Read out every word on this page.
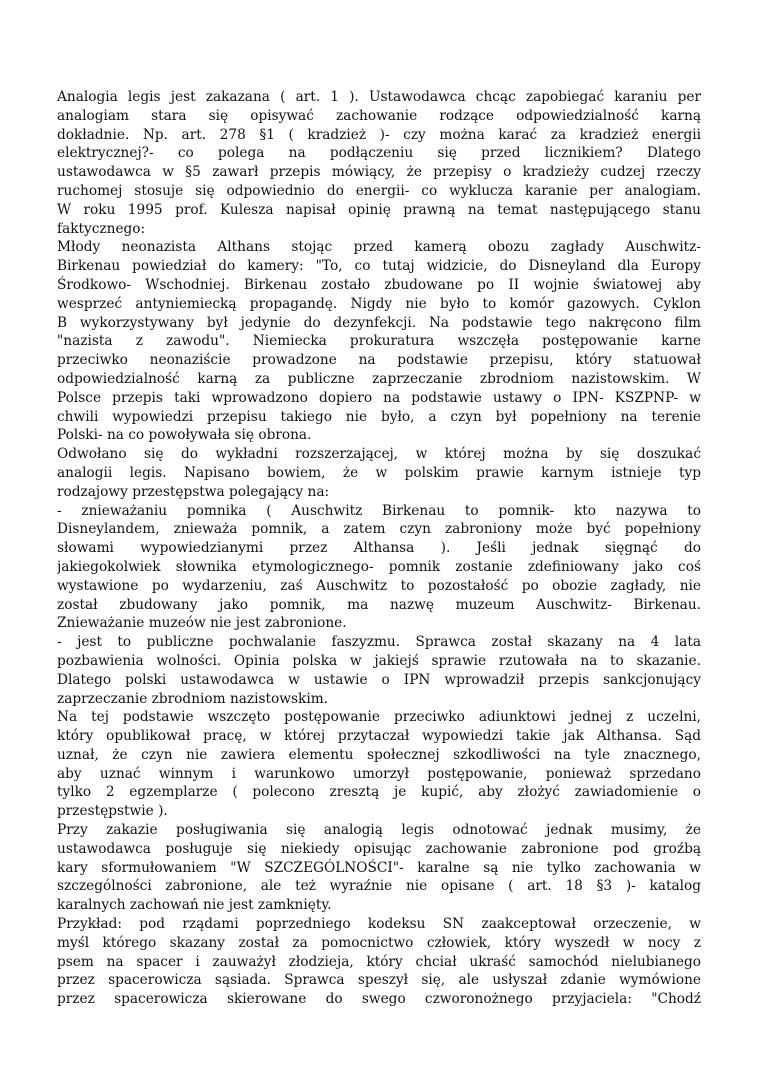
Analogia legis jest zakazana ( art. 1 ). Ustawodawca chcąc zapobiegać karaniu per
analogiam stara się opisywać zachowanie rodzące odpowiedzialność karną
dokładnie. Np. art. 278 §1 ( kradzież )- czy można karać za kradzież energii
elektrycznej?- co polega na podłączeniu się przed licznikiem? Dlatego
ustawodawca w §5 zawarł przepis mówiący, że przepisy o kradzieży cudzej rzeczy
ruchomej stosuje się odpowiednio do energii- co wyklucza karanie per analogiam.
W roku 1995 prof. Kulesza napisał opinię prawną na temat następującego stanu
faktycznego:
Młody neonazista Althans stojąc przed kamerą obozu zagłady Auschwitz-
Birkenau powiedział do kamery: "To, co tutaj widzicie, do Disneyland dla Europy
Środkowo- Wschodniej. Birkenau zostało zbudowane po II wojnie światowej aby
wesprzeć antyniemiecką propagandę. Nigdy nie było to komór gazowych. Cyklon
B wykorzystywany był jedynie do dezynfekcji. Na podstawie tego nakręcono film
"nazista z zawodu". Niemiecka prokuratura wszczęła postępowanie karne
przeciwko neonaziście prowadzone na podstawie przepisu, który statuował
odpowiedzialność karną za publiczne zaprzeczanie zbrodniom nazistowskim. W
Polsce przepis taki wprowadzono dopiero na podstawie ustawy o IPN- KSZPNP- w
chwili wypowiedzi przepisu takiego nie było, a czyn był popełniony na terenie
Polski- na co powoływała się obrona.
Odwołano się do wykładni rozszerzającej, w której można by się doszukać
analogii legis. Napisano bowiem, że w polskim prawie karnym istnieje typ
rodzajowy przestępstwa polegający na:
- znieważaniu pomnika ( Auschwitz Birkenau to pomnik- kto nazywa to
Disneylandem, znieważa pomnik, a zatem czyn zabroniony może być popełniony
słowami wypowiedzianymi przez Althansa ). Jeśli jednak sięgnąć do
jakiegokolwiek słownika etymologicznego- pomnik zostanie zdefiniowany jako coś
wystawione po wydarzeniu, zaś Auschwitz to pozostałość po obozie zagłady, nie
został zbudowany jako pomnik, ma nazwę muzeum Auschwitz- Birkenau.
Znieważanie muzeów nie jest zabronione.
- jest to publiczne pochwalanie faszyzmu. Sprawca został skazany na 4 lata
pozbawienia wolności. Opinia polska w jakiejś sprawie rzutowała na to skazanie.
Dlatego polski ustawodawca w ustawie o IPN wprowadził przepis sankcjonujący
zaprzeczanie zbrodniom nazistowskim.
Na tej podstawie wszczęto postępowanie przeciwko adiunktowi jednej z uczelni,
który opublikował pracę, w której przytaczał wypowiedzi takie jak Althansa. Sąd
uznał, że czyn nie zawiera elementu społecznej szkodliwości na tyle znacznego,
aby uznać winnym i warunkowo umorzył postępowanie, ponieważ sprzedano
tylko 2 egzemplarze ( polecono zresztą je kupić, aby złożyć zawiadomienie o
przestępstwie ).
Przy zakazie posługiwania się analogią legis odnotować jednak musimy, że
ustawodawca posługuje się niekiedy opisując zachowanie zabronione pod groźbą
kary sformułowaniem "W SZCZEGÓLNOŚCI"- karalne są nie tylko zachowania w
szczególności zabronione, ale też wyraźnie nie opisane ( art. 18 §3 )- katalog
karalnych zachowań nie jest zamknięty.
Przykład: pod rządami poprzedniego kodeksu SN zaakceptował orzeczenie, w
myśl którego skazany został za pomocnictwo człowiek, który wyszedł w nocy z
psem na spacer i zauważył złodzieja, który chciał ukraść samochód nielubianego
przez spacerowicza sąsiada. Sprawca speszył się, ale usłyszał zdanie wymówione
przez spacerowicza skierowane do swego czworonożnego przyjaciela: "Chodź
